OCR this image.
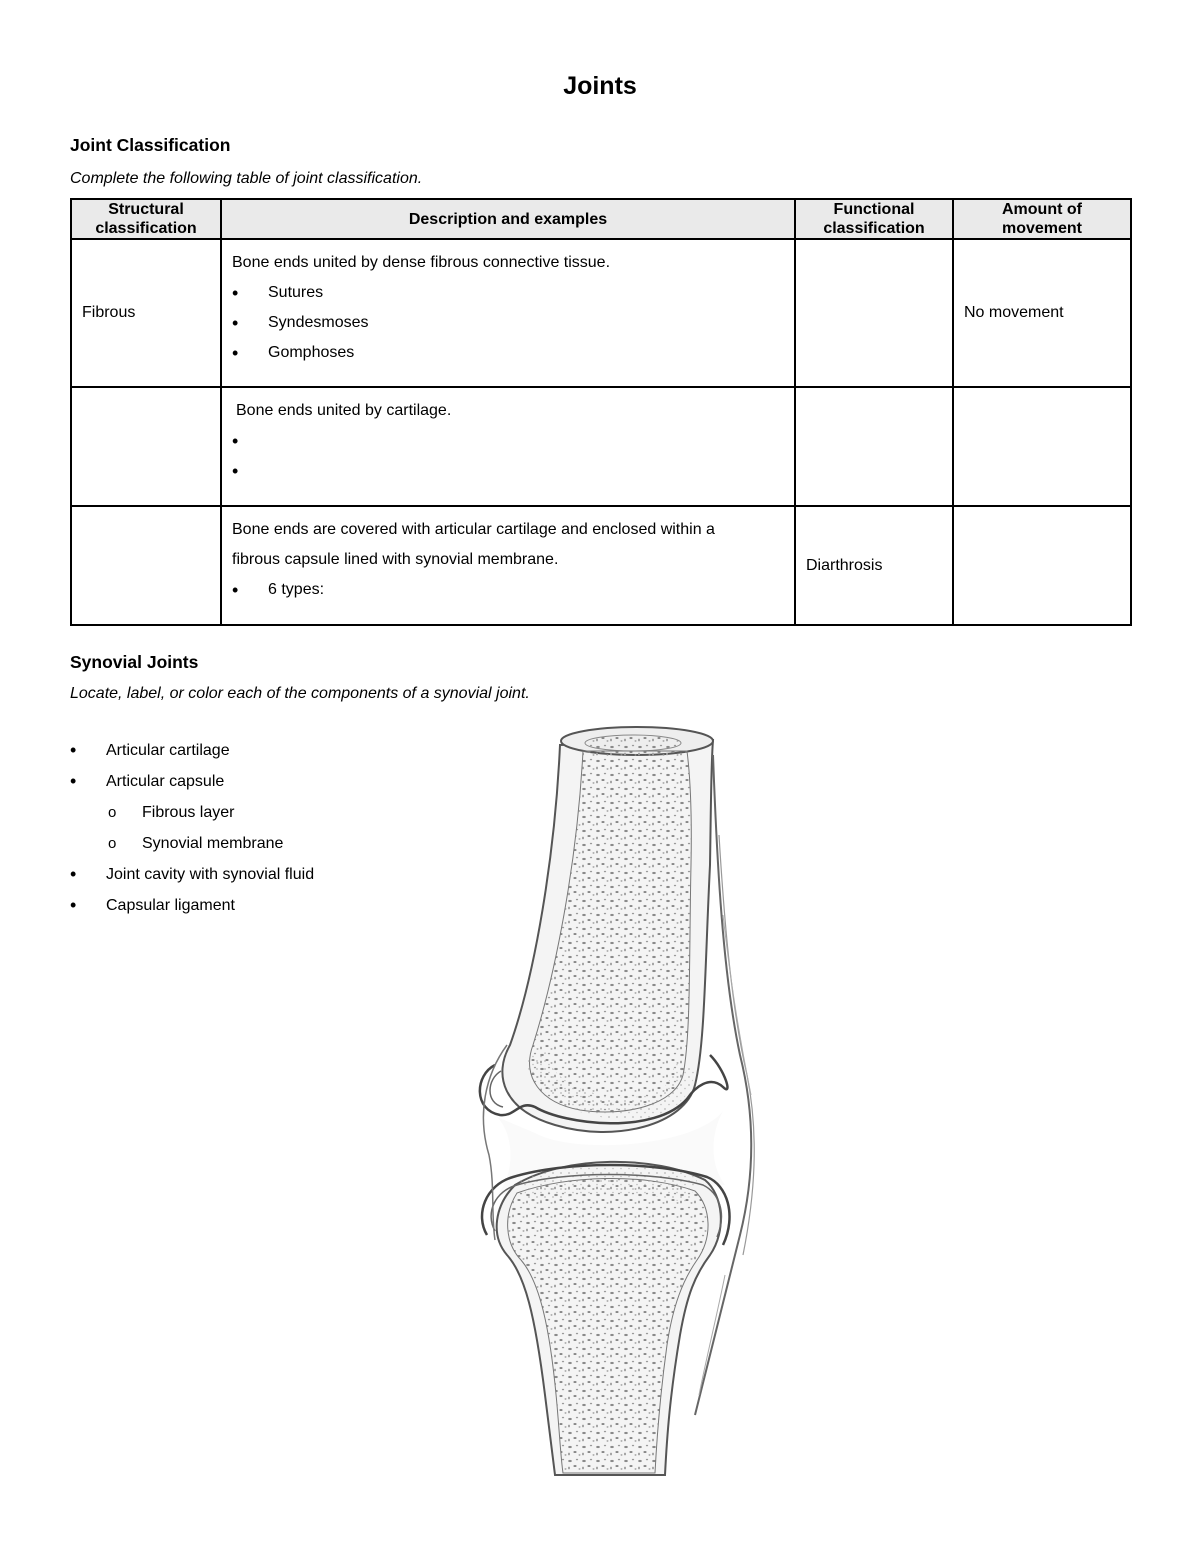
Joints
Joint Classification
Complete the following table of joint classification.
Structural classification	Description and examples	Functional classification	Amount of movement
Fibrous	Bone ends united by dense fibrous connective tissue.
• Sutures
• Syndesmoses
• Gomphoses		No movement

	Bone ends united by cartilage.
•
•

	Bone ends are covered with articular cartilage and enclosed within a
fibrous capsule lined with synovial membrane.
• 6 types:	Diarthrosis	
Synovial Joints
Locate, label, or color each of the components of a synovial joint.
• Articular cartilage
• Articular capsule
o Fibrous layer
o Synovial membrane
• Joint cavity with synovial fluid
• Capsular ligament
